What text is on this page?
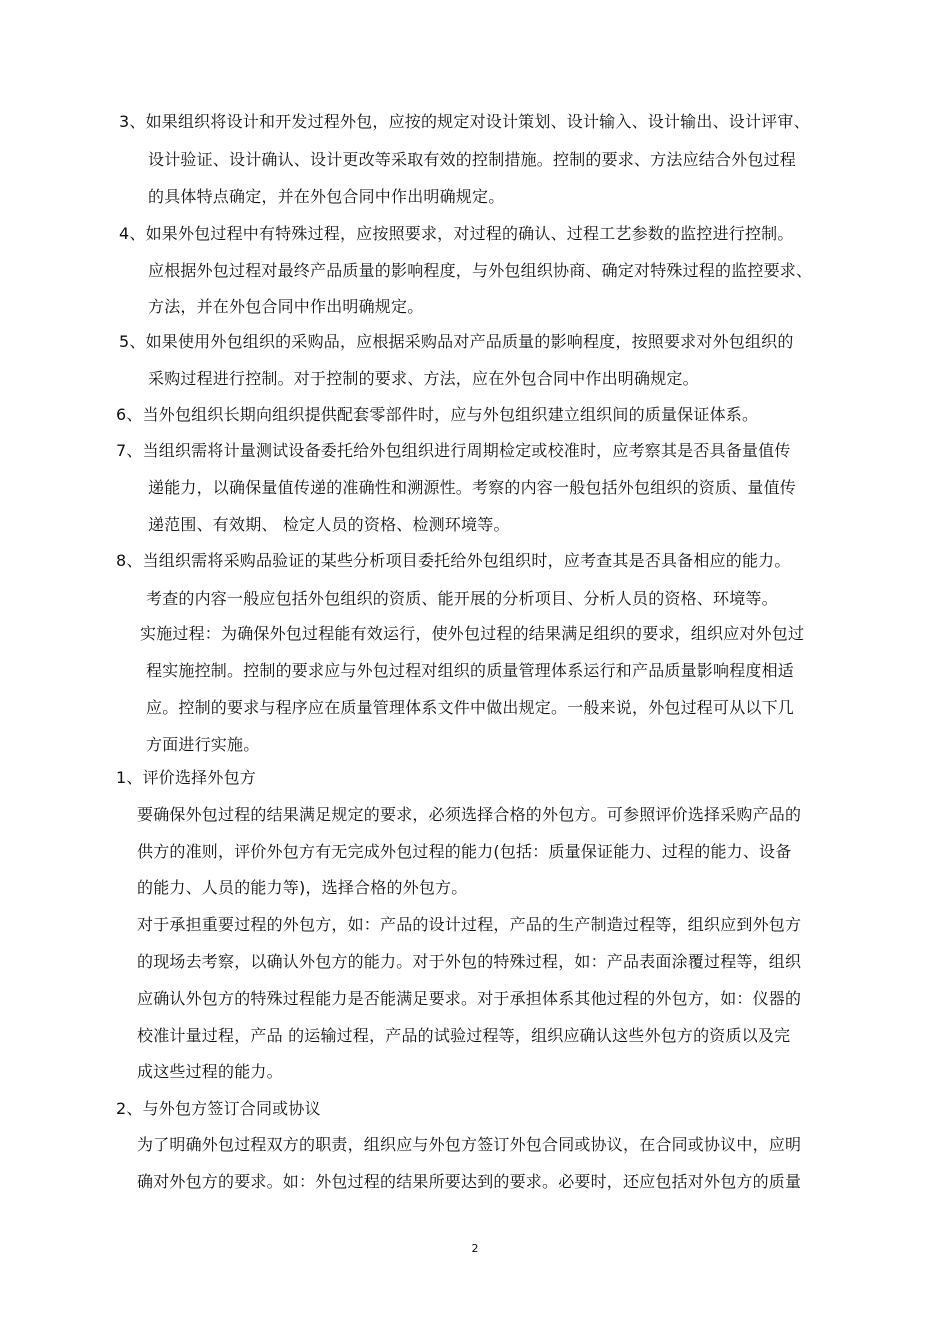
3、如果组织将设计和开发过程外包，应按的规定对设计策划、设计输入、设计输出、设计评审、
设计验证、设计确认、设计更改等采取有效的控制措施。控制的要求、方法应结合外包过程
的具体特点确定，并在外包合同中作出明确规定。
4、如果外包过程中有特殊过程，应按照要求，对过程的确认、过程工艺参数的监控进行控制。
应根据外包过程对最终产品质量的影响程度，与外包组织协商、确定对特殊过程的监控要求、
方法，并在外包合同中作出明确规定。
5、如果使用外包组织的采购品，应根据采购品对产品质量的影响程度，按照要求对外包组织的
采购过程进行控制。对于控制的要求、方法，应在外包合同中作出明确规定。
6、当外包组织长期向组织提供配套零部件时，应与外包组织建立组织间的质量保证体系。
7、当组织需将计量测试设备委托给外包组织进行周期检定或校准时，应考察其是否具备量值传
递能力，以确保量值传递的准确性和溯源性。考察的内容一般包括外包组织的资质、量值传
递范围、有效期、 检定人员的资格、检测环境等。
8、当组织需将采购品验证的某些分析项目委托给外包组织时，应考查其是否具备相应的能力。
考查的内容一般应包括外包组织的资质、能开展的分析项目、分析人员的资格、环境等。
实施过程：为确保外包过程能有效运行，使外包过程的结果满足组织的要求，组织应对外包过
程实施控制。控制的要求应与外包过程对组织的质量管理体系运行和产品质量影响程度相适
应。控制的要求与程序应在质量管理体系文件中做出规定。一般来说，外包过程可从以下几
方面进行实施。
1、评价选择外包方
要确保外包过程的结果满足规定的要求，必须选择合格的外包方。可参照评价选择采购产品的
供方的准则，评价外包方有无完成外包过程的能力(包括：质量保证能力、过程的能力、设备
的能力、人员的能力等)，选择合格的外包方。
对于承担重要过程的外包方，如：产品的设计过程，产品的生产制造过程等，组织应到外包方
的现场去考察，以确认外包方的能力。对于外包的特殊过程，如：产品表面涂覆过程等，组织
应确认外包方的特殊过程能力是否能满足要求。对于承担体系其他过程的外包方，如：仪器的
校准计量过程，产品 的运输过程，产品的试验过程等，组织应确认这些外包方的资质以及完
成这些过程的能力。
2、与外包方签订合同或协议
为了明确外包过程双方的职责，组织应与外包方签订外包合同或协议，在合同或协议中，应明
确对外包方的要求。如：外包过程的结果所要达到的要求。必要时，还应包括对外包方的质量
2
